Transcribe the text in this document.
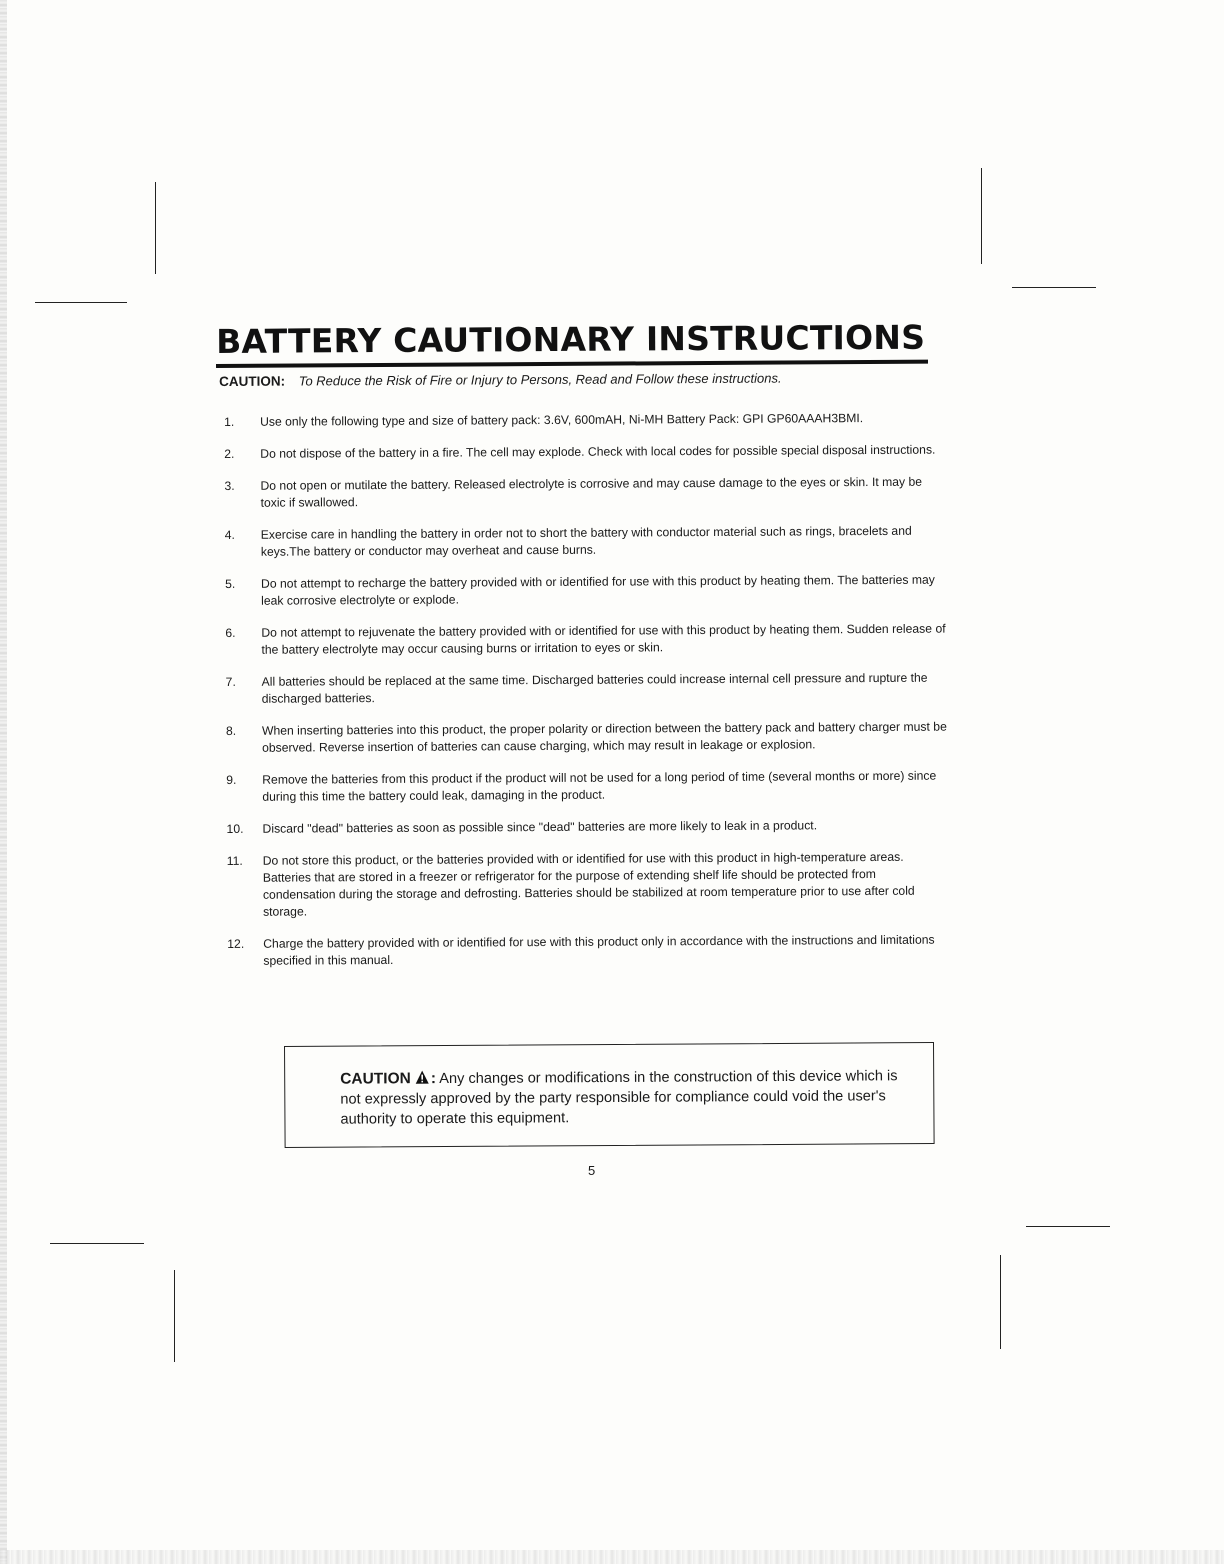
BATTERY CAUTIONARY INSTRUCTIONS
CAUTION: To Reduce the Risk of Fire or Injury to Persons, Read and Follow these instructions.
1.	Use only the following type and size of battery pack: 3.6V, 600mAH, Ni-MH Battery Pack: GPI GP60AAAH3BMI.
2.	Do not dispose of the battery in a fire. The cell may explode. Check with local codes for possible special disposal instructions.
3.	Do not open or mutilate the battery. Released electrolyte is corrosive and may cause damage to the eyes or skin. It may be toxic if swallowed.
4.	Exercise care in handling the battery in order not to short the battery with conductor material such as rings, bracelets and keys.The battery or conductor may overheat and cause burns.
5.	Do not attempt to recharge the battery provided with or identified for use with this product by heating them. The batteries may leak corrosive electrolyte or explode.
6.	Do not attempt to rejuvenate the battery provided with or identified for use with this product by heating them. Sudden release of the battery electrolyte may occur causing burns or irritation to eyes or skin.
7.	All batteries should be replaced at the same time. Discharged batteries could increase internal cell pressure and rupture the discharged batteries.
8.	When inserting batteries into this product, the proper polarity or direction between the battery pack and battery charger must be observed. Reverse insertion of batteries can cause charging, which may result in leakage or explosion.
9.	Remove the batteries from this product if the product will not be used for a long period of time (several months or more) since during this time the battery could leak, damaging in the product.
10.	Discard "dead" batteries as soon as possible since "dead" batteries are more likely to leak in a product.
11.	Do not store this product, or the batteries provided with or identified for use with this product in high-temperature areas. Batteries that are stored in a freezer or refrigerator for the purpose of extending shelf life should be protected from condensation during the storage and defrosting. Batteries should be stabilized at room temperature prior to use after cold storage.
12.	Charge the battery provided with or identified for use with this product only in accordance with the instructions and limitations specified in this manual.
CAUTION : Any changes or modifications in the construction of this device which is not expressly approved by the party responsible for compliance could void the user's authority to operate this equipment.
5
